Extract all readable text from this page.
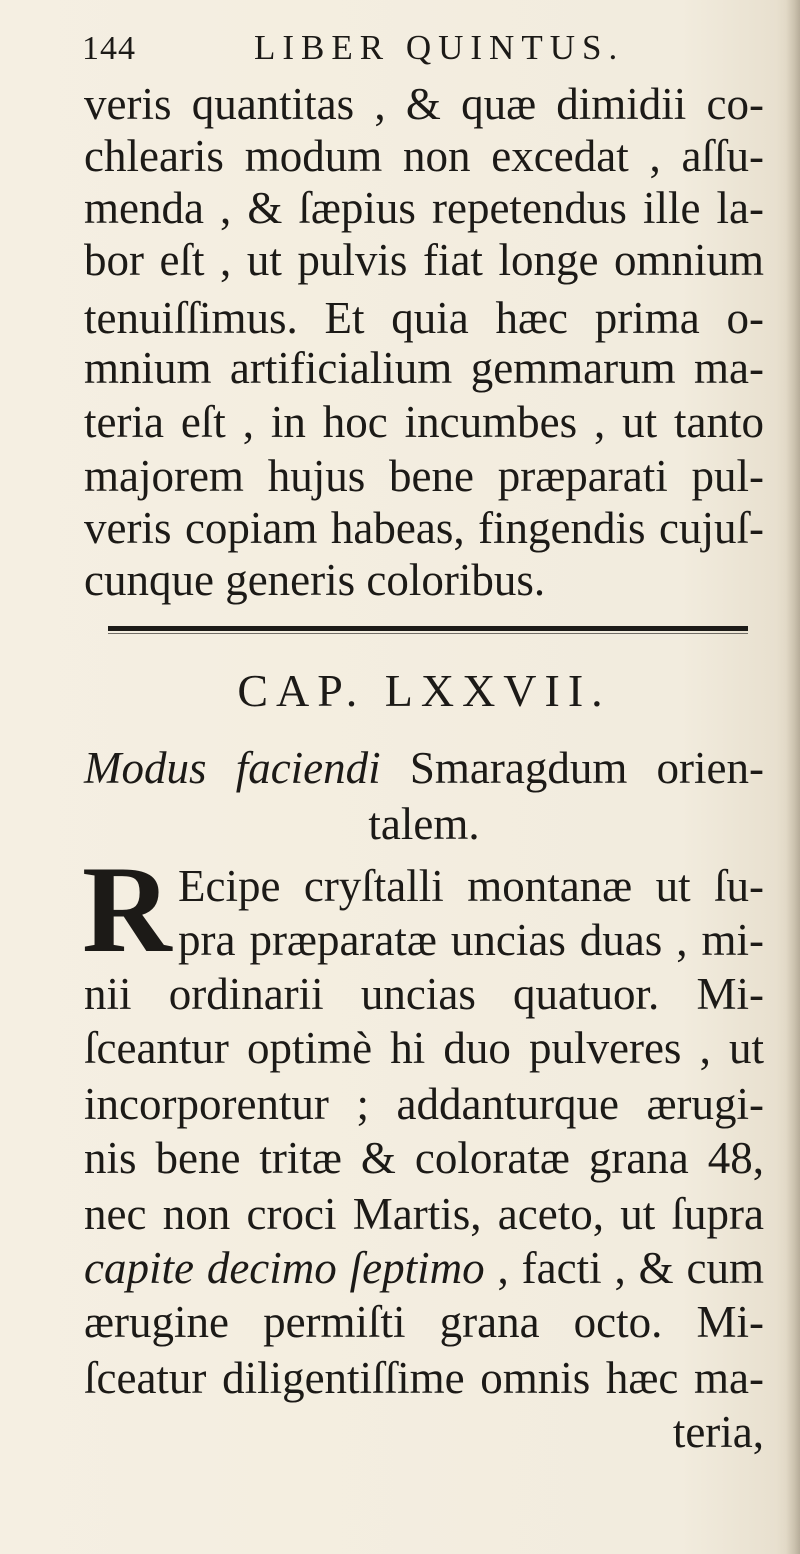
144	LIBER QUINTUS.
veris quantitas , & quæ dimidii co-
chlearis modum non excedat , aſſu-
menda , & ſæpius repetendus ille la-
bor eſt , ut pulvis fiat longe omnium
tenuiſſimus. Et quia hæc prima o-
mnium artificialium gemmarum ma-
teria eſt , in hoc incumbes , ut tanto
majorem hujus bene præparati pul-
veris copiam habeas, fingendis cujuſ-
cunque generis coloribus.
CAP. LXXVII.
Modus faciendi Smaragdum orien-
talem.
R Ecipe cryſtalli montanæ ut ſu-
pra præparatæ uncias duas , mi-
nii ordinarii uncias quatuor. Mi-
ſceantur optimè hi duo pulveres , ut
incorporentur ; addanturque ærugi-
nis bene tritæ & coloratæ grana 48,
nec non croci Martis, aceto, ut ſupra
capite decimo ſeptimo , facti , & cum
ærugine permiſti grana octo. Mi-
ſceatur diligentiſſime omnis hæc ma-
teria,
